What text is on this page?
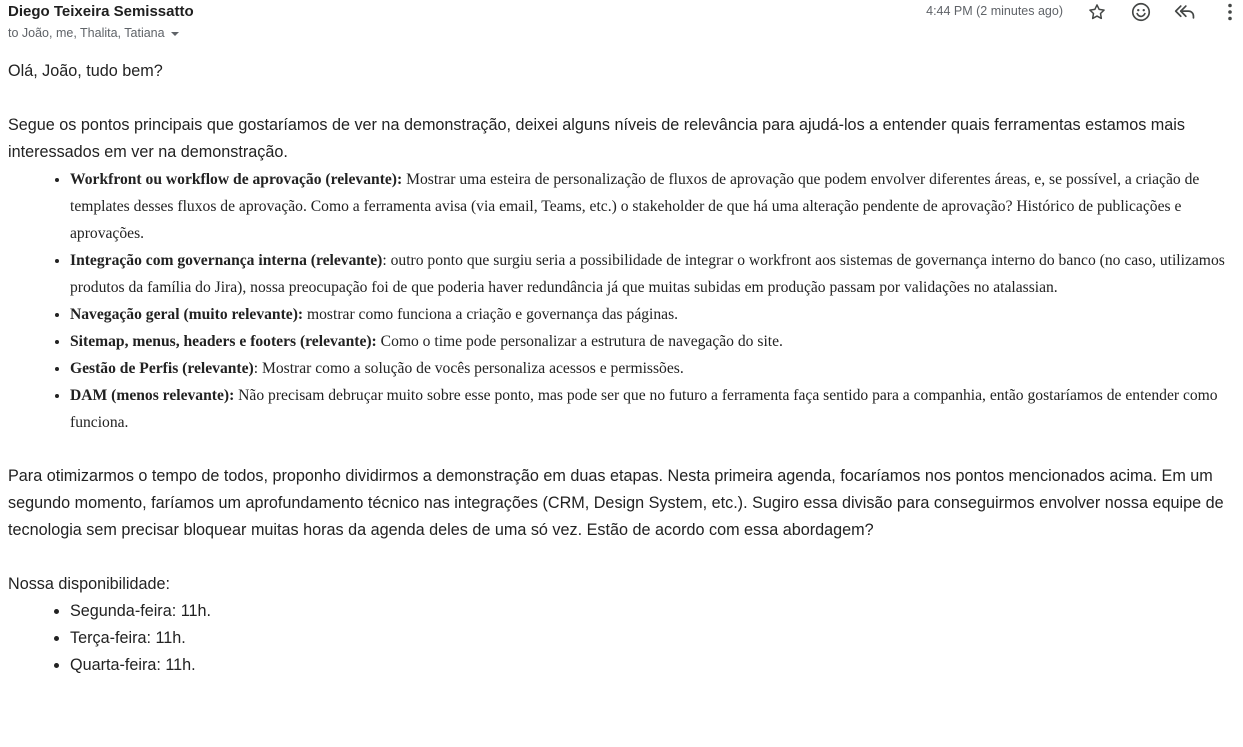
Diego Teixeira Semissatto
to João, me, Thalita, Tatiana
4:44 PM (2 minutes ago)

Olá, João, tudo bem?

Segue os pontos principais que gostaríamos de ver na demonstração, deixei alguns níveis de relevância para ajudá-los a entender quais ferramentas estamos mais interessados em ver na demonstração.

• Workfront ou workflow de aprovação (relevante): Mostrar uma esteira de personalização de fluxos de aprovação que podem envolver diferentes áreas, e, se possível, a criação de templates desses fluxos de aprovação. Como a ferramenta avisa (via email, Teams, etc.) o stakeholder de que há uma alteração pendente de aprovação? Histórico de publicações e aprovações.
• Integração com governança interna (relevante): outro ponto que surgiu seria a possibilidade de integrar o workfront aos sistemas de governança interno do banco (no caso, utilizamos produtos da família do Jira), nossa preocupação foi de que poderia haver redundância já que muitas subidas em produção passam por validações no atalassian.
• Navegação geral (muito relevante): mostrar como funciona a criação e governança das páginas.
• Sitemap, menus, headers e footers (relevante): Como o time pode personalizar a estrutura de navegação do site.
• Gestão de Perfis (relevante): Mostrar como a solução de vocês personaliza acessos e permissões.
• DAM (menos relevante): Não precisam debruçar muito sobre esse ponto, mas pode ser que no futuro a ferramenta faça sentido para a companhia, então gostaríamos de entender como funciona.

Para otimizarmos o tempo de todos, proponho dividirmos a demonstração em duas etapas. Nesta primeira agenda, focaríamos nos pontos mencionados acima. Em um segundo momento, faríamos um aprofundamento técnico nas integrações (CRM, Design System, etc.). Sugiro essa divisão para conseguirmos envolver nossa equipe de tecnologia sem precisar bloquear muitas horas da agenda deles de uma só vez. Estão de acordo com essa abordagem?

Nossa disponibilidade:

• Segunda-feira: 11h.
• Terça-feira: 11h.
• Quarta-feira: 11h.
